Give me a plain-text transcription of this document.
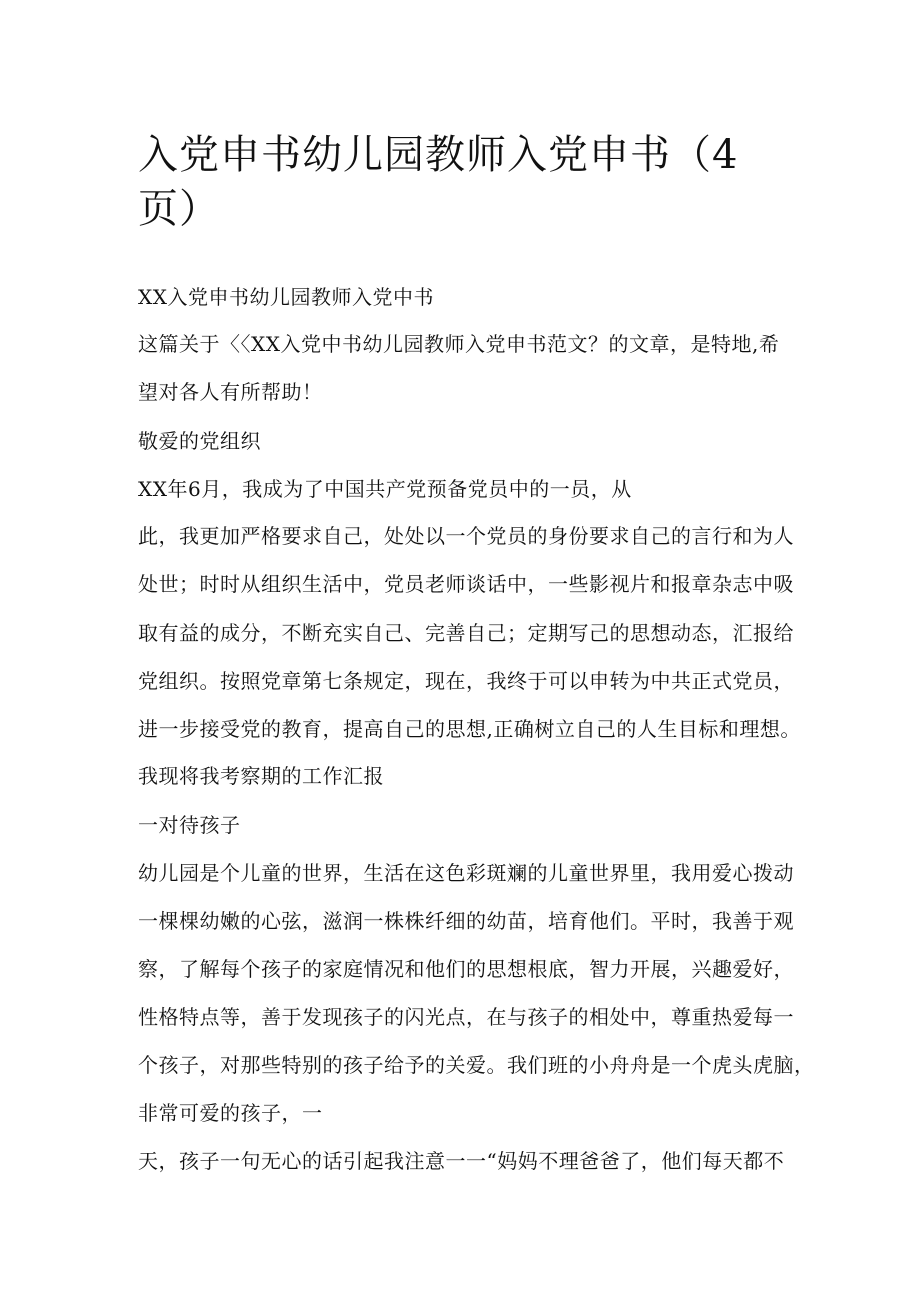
入党申书幼儿园教师入党申书（4
页）

XX入党申书幼儿园教师入党中书

这篇关于〈〈XX入党中书幼儿园教师入党申书范文？的文章，是特地,希

望对各人有所帮助！

敬爱的党组织

XX年6月，我成为了中国共产党预备党员中的一员，从

此，我更加严格要求自己，处处以一个党员的身份要求自己的言行和为人

处世；时时从组织生活中，党员老师谈话中，一些影视片和报章杂志中吸

取有益的成分，不断充实自己、完善自己；定期写己的思想动态，汇报给

党组织。按照党章第七条规定，现在，我终于可以申转为中共正式党员，

进一步接受党的教育，提高自己的思想,正确树立自己的人生目标和理想。

我现将我考察期的工作汇报

一对待孩子

幼儿园是个儿童的世界，生活在这色彩斑斓的儿童世界里，我用爱心拨动

一棵棵幼嫩的心弦，滋润一株株纤细的幼苗，培育他们。平时，我善于观

察，了解每个孩子的家庭情况和他们的思想根底，智力开展，兴趣爱好，

性格特点等，善于发现孩子的闪光点，在与孩子的相处中，尊重热爱每一

个孩子，对那些特别的孩子给予的关爱。我们班的小舟舟是一个虎头虎脑，

非常可爱的孩子，一

天，孩子一句无心的话引起我注意一一“妈妈不理爸爸了，他们每天都不
